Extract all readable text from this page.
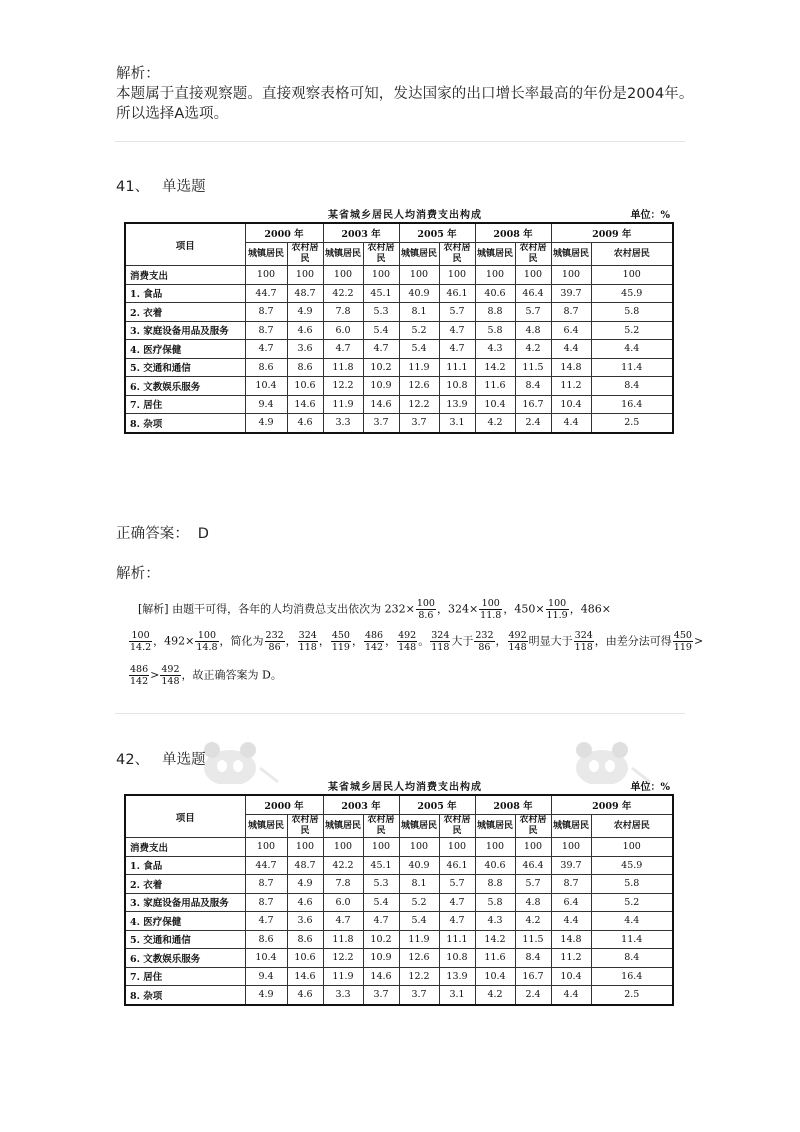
解析：
本题属于直接观察题。直接观察表格可知，发达国家的出口增长率最高的年份是2004年。
所以选择A选项。
41、 单选题
某省城乡居民人均消费支出构成	单位：%
项目	2000 年		2003 年		2005 年		2008 年		2009 年	
	城镇居民	农村居民	城镇居民	农村居民	城镇居民	农村居民	城镇居民	农村居民	城镇居民	农村居民
消费支出	100	100	100	100	100	100	100	100	100	100
1. 食品	44.7	48.7	42.2	45.1	40.9	46.1	40.6	46.4	39.7	45.9
2. 衣着	8.7	4.9	7.8	5.3	8.1	5.7	8.8	5.7	8.7	5.8
3. 家庭设备用品及服务	8.7	4.6	6.0	5.4	5.2	4.7	5.8	4.8	6.4	5.2
4. 医疗保健	4.7	3.6	4.7	4.7	5.4	4.7	4.3	4.2	4.4	4.4
5. 交通和通信	8.6	8.6	11.8	10.2	11.9	11.1	14.2	11.5	14.8	11.4
6. 文教娱乐服务	10.4	10.6	12.2	10.9	12.6	10.8	11.6	8.4	11.2	8.4
7. 居住	9.4	14.6	11.9	14.6	12.2	13.9	10.4	16.7	10.4	16.4
8. 杂项	4.9	4.6	3.3	3.7	3.7	3.1	4.2	2.4	4.4	2.5
正确答案： D
解析：
[解析] 由题干可得，各年的人均消费总支出依次为 $232\times \frac{100}{8.6}$ ，$324\times \frac{100}{11.8}$ ，$450\times \frac{100}{11.9}$ ，486×
$\frac{100}{14.2}$ ，$492\times \frac{100}{14.8}$ ，简化为 $\frac{232}{86}$ ， $\frac{324}{118}$ ， $\frac{450}{119}$ ， $\frac{486}{142}$ ， $\frac{492}{148}$ 。 $\frac{324}{118}$ 大于 $\frac{232}{86}$ ， $\frac{492}{148}$ 明显大于 $\frac{324}{118}$ ，由差分法可得 $\frac{450}{119}$ >
$\frac{486}{142} > \frac{492}{148}$ ，故正确答案为 D。
42、 单选题
某省城乡居民人均消费支出构成	单位：%
项目	2000 年		2003 年		2005 年		2008 年		2009 年	
	城镇居民	农村居民	城镇居民	农村居民	城镇居民	农村居民	城镇居民	农村居民	城镇居民	农村居民
消费支出	100	100	100	100	100	100	100	100	100	100
1. 食品	44.7	48.7	42.2	45.1	40.9	46.1	40.6	46.4	39.7	45.9
2. 衣着	8.7	4.9	7.8	5.3	8.1	5.7	8.8	5.7	8.7	5.8
3. 家庭设备用品及服务	8.7	4.6	6.0	5.4	5.2	4.7	5.8	4.8	6.4	5.2
4. 医疗保健	4.7	3.6	4.7	4.7	5.4	4.7	4.3	4.2	4.4	4.4
5. 交通和通信	8.6	8.6	11.8	10.2	11.9	11.1	14.2	11.5	14.8	11.4
6. 文教娱乐服务	10.4	10.6	12.2	10.9	12.6	10.8	11.6	8.4	11.2	8.4
7. 居住	9.4	14.6	11.9	14.6	12.2	13.9	10.4	16.7	10.4	16.4
8. 杂项	4.9	4.6	3.3	3.7	3.7	3.1	4.2	2.4	4.4	2.5
